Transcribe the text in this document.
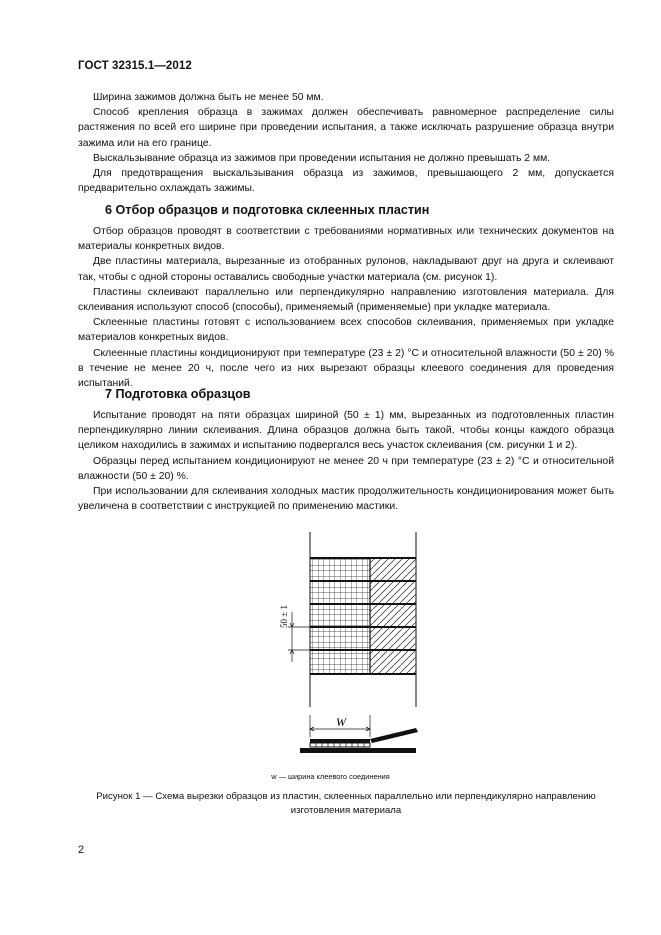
ГОСТ 32315.1—2012

Ширина зажимов должна быть не менее 50 мм.

Способ крепления образца в зажимах должен обеспечивать равномерное распределение силы растяжения по всей его ширине при проведении испытания, а также исключать разрушение образца внутри зажима или на его границе.

Выскальзывание образца из зажимов при проведении испытания не должно превышать 2 мм.

Для предотвращения выскальзывания образца из зажимов, превышающего 2 мм, допускается предварительно охлаждать зажимы.

6 Отбор образцов и подготовка склеенных пластин

Отбор образцов проводят в соответствии с требованиями нормативных или технических документов на материалы конкретных видов.

Две пластины материала, вырезанные из отобранных рулонов, накладывают друг на друга и склеивают так, чтобы с одной стороны оставались свободные участки материала (см. рисунок 1).

Пластины склеивают параллельно или перпендикулярно направлению изготовления материала. Для склеивания используют способ (способы), применяемый (применяемые) при укладке материала.

Склеенные пластины готовят с использованием всех способов склеивания, применяемых при укладке материалов конкретных видов.

Склеенные пластины кондиционируют при температуре (23 ± 2) °С и относительной влажности (50 ± 20) % в течение не менее 20 ч, после чего из них вырезают образцы клеевого соединения для проведения испытаний.

7 Подготовка образцов

Испытание проводят на пяти образцах шириной (50 ± 1) мм, вырезанных из подготовленных пластин перпендикулярно линии склеивания. Длина образцов должна быть такой, чтобы концы каждого образца целиком находились в зажимах и испытанию подвергался весь участок склеивания (см. рисунки 1 и 2).

Образцы перед испытанием кондиционируют не менее 20 ч при температуре (23 ± 2) °С и относительной влажности (50 ± 20) %.

При использовании для склеивания холодных мастик продолжительность кондиционирования может быть увеличена в соответствии с инструкцией по применению мастики.

50 ± 1
W
w — ширина клеевого соединения
Рисунок 1 — Схема вырезки образцов из пластин, склеенных параллельно или перпендикулярно направлению изготовления материала
2
